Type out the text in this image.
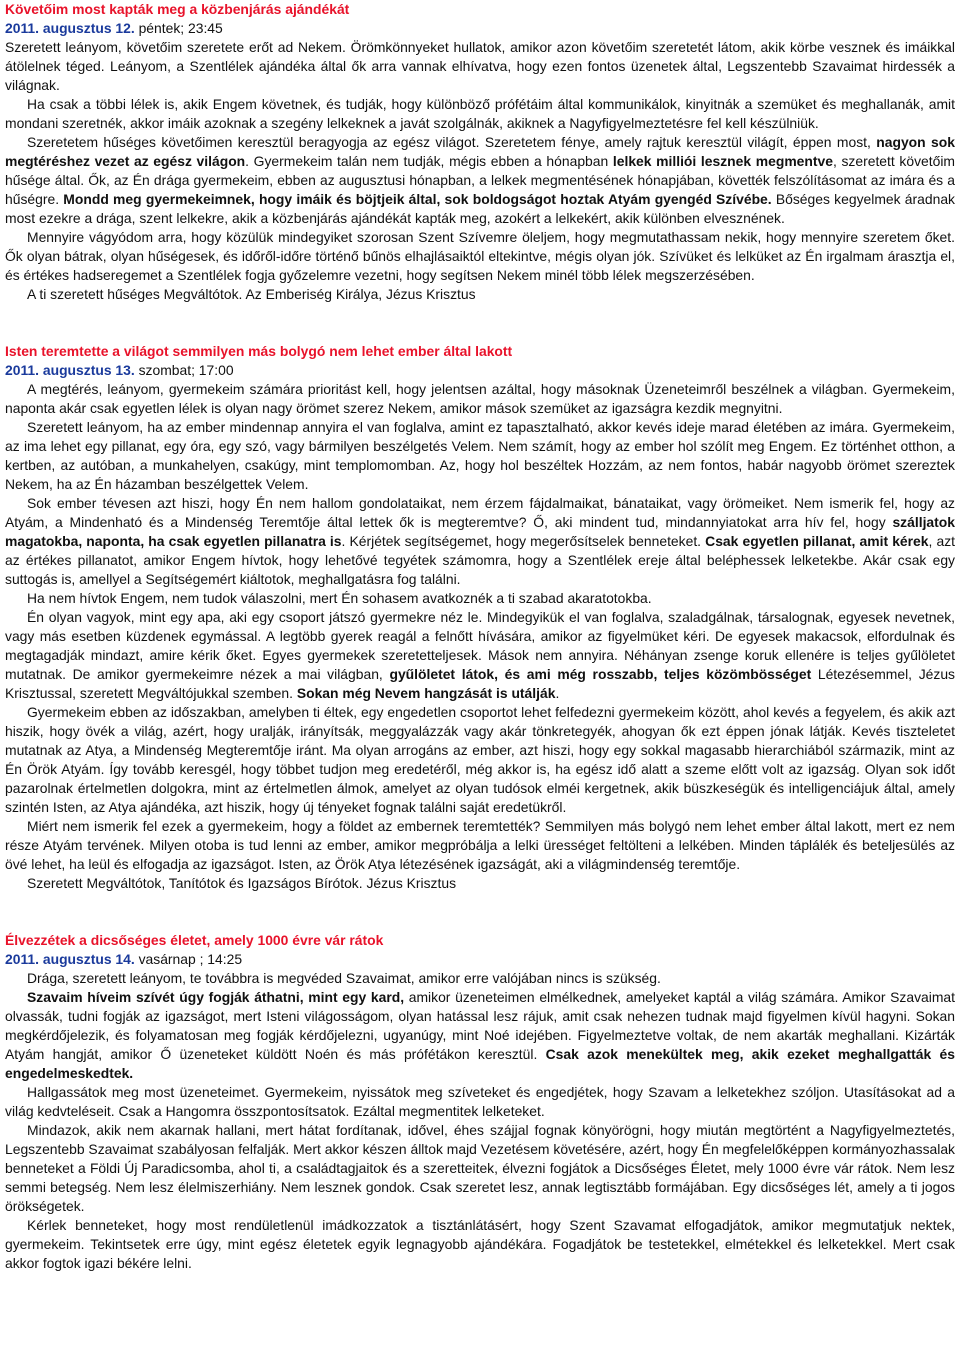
Követőim most kapták meg a közbenjárás ajándékát
2011. augusztus 12. péntek; 23:45

Szeretett leányom, követőim szeretete erőt ad Nekem. Örömkönnyeket hullatok, amikor azon követőim szeretetét látom, akik körbe vesznek és imáikkal átölelnek téged. Leányom, a Szentlélek ajándéka által ők arra vannak elhívatva, hogy ezen fontos üzenetek által, Legszentebb Szavaimat hirdessék a világnak.

Ha csak a többi lélek is, akik Engem követnek, és tudják, hogy különböző prófétáim által kommunikálok, kinyitnák a szemüket és meghallanák, amit mondani szeretnék, akkor imáik azoknak a szegény lelkeknek a javát szolgálnák, akiknek a Nagyfigyelmeztetésre fel kell készülniük.

Szeretetem hűséges követőimen keresztül beragyogja az egész világot. Szeretetem fénye, amely rajtuk keresztül világít, éppen most, nagyon sok megtéréshez vezet az egész világon. Gyermekeim talán nem tudják, mégis ebben a hónapban lelkek milliói lesznek megmentve, szeretett követőim hűsége által. Ők, az Én drága gyermekeim, ebben az augusztusi hónapban, a lelkek megmentésének hónapjában, követték felszólításomat az imára és a hűségre. Mondd meg gyermekeimnek, hogy imáik és böjtjeik által, sok boldogságot hoztak Atyám gyengéd Szívébe. Bőséges kegyelmek áradnak most ezekre a drága, szent lelkekre, akik a közbenjárás ajándékát kapták meg, azokért a lelkekért, akik különben elvesznének.

Mennyire vágyódom arra, hogy közülük mindegyiket szorosan Szent Szívemre öleljem, hogy megmutathassam nekik, hogy mennyire szeretem őket. Ők olyan bátrak, olyan hűségesek, és időről-időre történő bűnös elhajlásaiktól eltekintve, mégis olyan jók. Szívüket és lelküket az Én irgalmam árasztja el, és értékes hadseregemet a Szentlélek fogja győzelemre vezetni, hogy segítsen Nekem minél több lélek megszerzésében.

A ti szeretett hűséges Megváltótok. Az Emberiség Királya, Jézus Krisztus

Isten teremtette a világot semmilyen más bolygó nem lehet ember által lakott
2011. augusztus 13. szombat; 17:00

A megtérés, leányom, gyermekeim számára prioritást kell, hogy jelentsen azáltal, hogy másoknak Üzeneteimről beszélnek a világban. Gyermekeim, naponta akár csak egyetlen lélek is olyan nagy örömet szerez Nekem, amikor mások szemüket az igazságra kezdik megnyitni.

Szeretett leányom, ha az ember mindennap annyira el van foglalva, amint ez tapasztalható, akkor kevés ideje marad életében az imára. Gyermekeim, az ima lehet egy pillanat, egy óra, egy szó, vagy bármilyen beszélgetés Velem. Nem számít, hogy az ember hol szólít meg Engem. Ez történhet otthon, a kertben, az autóban, a munkahelyen, csakúgy, mint templomomban. Az, hogy hol beszéltek Hozzám, az nem fontos, habár nagyobb örömet szereztek Nekem, ha az Én házamban beszélgettek Velem.

Sok ember tévesen azt hiszi, hogy Én nem hallom gondolataikat, nem érzem fájdalmaikat, bánataikat, vagy örömeiket. Nem ismerik fel, hogy az Atyám, a Mindenható és a Mindenség Teremtője által lettek ők is megteremtve? Ő, aki mindent tud, mindannyiatokat arra hív fel, hogy szálljatok magatokba, naponta, ha csak egyetlen pillanatra is. Kérjétek segítségemet, hogy megerősítselek benneteket. Csak egyetlen pillanat, amit kérek, azt az értékes pillanatot, amikor Engem hívtok, hogy lehetővé tegyétek számomra, hogy a Szentlélek ereje által beléphessek lelketekbe. Akár csak egy suttogás is, amellyel a Segítségemért kiáltotok, meghallgatásra fog találni.

Ha nem hívtok Engem, nem tudok válaszolni, mert Én sohasem avatkoznék a ti szabad akaratotokba.

Én olyan vagyok, mint egy apa, aki egy csoport játszó gyermekre néz le. Mindegyikük el van foglalva, szaladgálnak, társalognak, egyesek nevetnek, vagy más esetben küzdenek egymással. A legtöbb gyerek reagál a felnőtt hívására, amikor az figyelmüket kéri. De egyesek makacsok, elfordulnak és megtagadják mindazt, amire kérik őket. Egyes gyermekek szeretetteljesek. Mások nem annyira. Néhányan zsenge koruk ellenére is teljes gyűlöletet mutatnak. De amikor gyermekeimre nézek a mai világban, gyűlöletet látok, és ami még rosszabb, teljes közömbösséget Létezésemmel, Jézus Krisztussal, szeretett Megváltójukkal szemben. Sokan még Nevem hangzását is utálják.

Gyermekeim ebben az időszakban, amelyben ti éltek, egy engedetlen csoportot lehet felfedezni gyermekeim között, ahol kevés a fegyelem, és akik azt hiszik, hogy övék a világ, azért, hogy uralják, irányítsák, meggyalázzák vagy akár tönkretegyék, ahogyan ők ezt éppen jónak látják. Kevés tiszteletet mutatnak az Atya, a Mindenség Megteremtője iránt. Ma olyan arrogáns az ember, azt hiszi, hogy egy sokkal magasabb hierarchiából származik, mint az Én Örök Atyám. Így tovább keresgél, hogy többet tudjon meg eredetéről, még akkor is, ha egész idő alatt a szeme előtt volt az igazság. Olyan sok időt pazarolnak értelmetlen dolgokra, mint az értelmetlen álmok, amelyet az olyan tudósok elméi kergetnek, akik büszkeségük és intelligenciájuk által, amely szintén Isten, az Atya ajándéka, azt hiszik, hogy új tényeket fognak találni saját eredetükről.

Miért nem ismerik fel ezek a gyermekeim, hogy a földet az embernek teremtették? Semmilyen más bolygó nem lehet ember által lakott, mert ez nem része Atyám tervének. Milyen otoba is tud lenni az ember, amikor megpróbálja a lelki ürességet feltölteni a lelkében. Minden táplálék és beteljesülés az övé lehet, ha leül és elfogadja az igazságot. Isten, az Örök Atya létezésének igazságát, aki a világmindenség teremtője.

Szeretett Megváltótok, Tanítótok és Igazságos Bírótok. Jézus Krisztus

Élvezzétek a dicsőséges életet, amely 1000 évre vár rátok
2011. augusztus 14. vasárnap ; 14:25

Drága, szeretett leányom, te továbbra is megvéded Szavaimat, amikor erre valójában nincs is szükség.

Szavaim híveim szívét úgy fogják áthatni, mint egy kard, amikor üzeneteimen elmélkednek, amelyeket kaptál a világ számára. Amikor Szavaimat olvassák, tudni fogják az igazságot, mert Isteni világosságom, olyan hatással lesz rájuk, amit csak nehezen tudnak majd figyelmen kívül hagyni. Sokan megkérdőjelezik, és folyamatosan meg fogják kérdőjelezni, ugyanúgy, mint Noé idejében. Figyelmeztetve voltak, de nem akarták meghallani. Kizárták Atyám hangját, amikor Ő üzeneteket küldött Noén és más prófétákon keresztül. Csak azok menekültek meg, akik ezeket meghallgatták és engedelmeskedtek.

Hallgassátok meg most üzeneteimet. Gyermekeim, nyissátok meg szíveteket és engedjétek, hogy Szavam a lelketekhez szóljon. Utasításokat ad a világ kedvteléseit. Csak a Hangomra összpontosítsatok. Ezáltal megmentitek lelketeket.

Mindazok, akik nem akarnak hallani, mert hátat fordítanak, idővel, éhes szájjal fognak könyörögni, hogy miután megtörtént a Nagyfigyelmeztetés, Legszentebb Szavaimat szabályosan felfalják. Mert akkor készen álltok majd Vezetésem követésére, azért, hogy Én megfelelőképpen kormányozhassalak benneteket a Földi Új Paradicsomba, ahol ti, a családtagjaitok és a szeretteitek, élvezni fogjátok a Dicsőséges Életet, mely 1000 évre vár rátok. Nem lesz semmi betegség. Nem lesz élelmiszerhiány. Nem lesznek gondok. Csak szeretet lesz, annak legtisztább formájában. Egy dicsőséges lét, amely a ti jogos örökségetek.

Kérlek benneteket, hogy most rendületlenül imádkozzatok a tisztánlátásért, hogy Szent Szavamat elfogadjátok, amikor megmutatjuk nektek, gyermekeim. Tekintsetek erre úgy, mint egész életetek egyik legnagyobb ajándékára. Fogadjátok be testetekkel, elmétekkel és lelketekkel. Mert csak akkor fogtok igazi békére lelni.
